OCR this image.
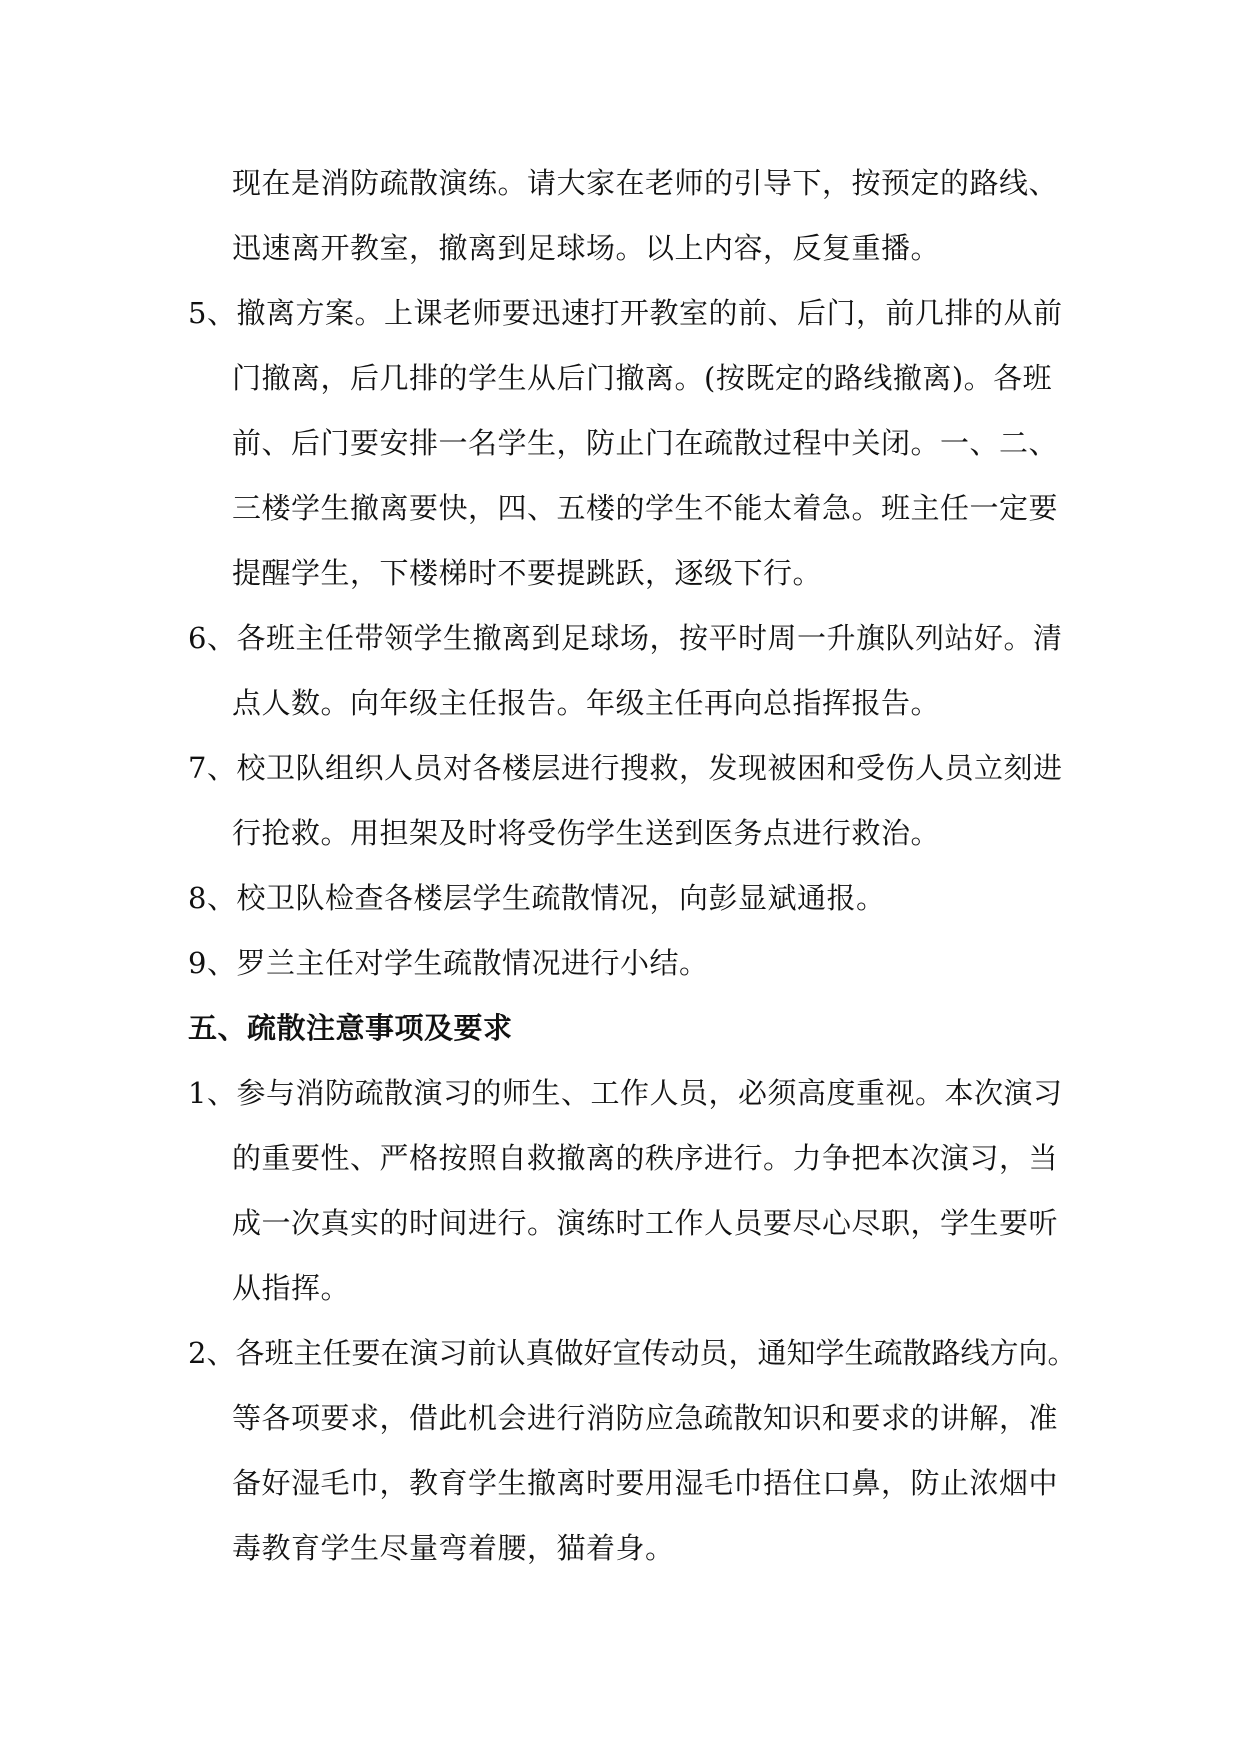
现在是消防疏散演练。请大家在老师的引导下，按预定的路线、
迅速离开教室，撤离到足球场。以上内容，反复重播。
5、撤离方案。上课老师要迅速打开教室的前、后门，前几排的从前
门撤离，后几排的学生从后门撤离。(按既定的路线撤离)。各班
前、后门要安排一名学生，防止门在疏散过程中关闭。一、二、
三楼学生撤离要快，四、五楼的学生不能太着急。班主任一定要
提醒学生，下楼梯时不要提跳跃，逐级下行。
6、各班主任带领学生撤离到足球场，按平时周一升旗队列站好。清
点人数。向年级主任报告。年级主任再向总指挥报告。
7、校卫队组织人员对各楼层进行搜救，发现被困和受伤人员立刻进
行抢救。用担架及时将受伤学生送到医务点进行救治。
8、校卫队检查各楼层学生疏散情况，向彭显斌通报。
9、罗兰主任对学生疏散情况进行小结。
五、疏散注意事项及要求
1、参与消防疏散演习的师生、工作人员，必须高度重视。本次演习
的重要性、严格按照自救撤离的秩序进行。力争把本次演习，当
成一次真实的时间进行。演练时工作人员要尽心尽职，学生要听
从指挥。
2、各班主任要在演习前认真做好宣传动员，通知学生疏散路线方向。
等各项要求，借此机会进行消防应急疏散知识和要求的讲解，准
备好湿毛巾，教育学生撤离时要用湿毛巾捂住口鼻，防止浓烟中
毒教育学生尽量弯着腰，猫着身。
